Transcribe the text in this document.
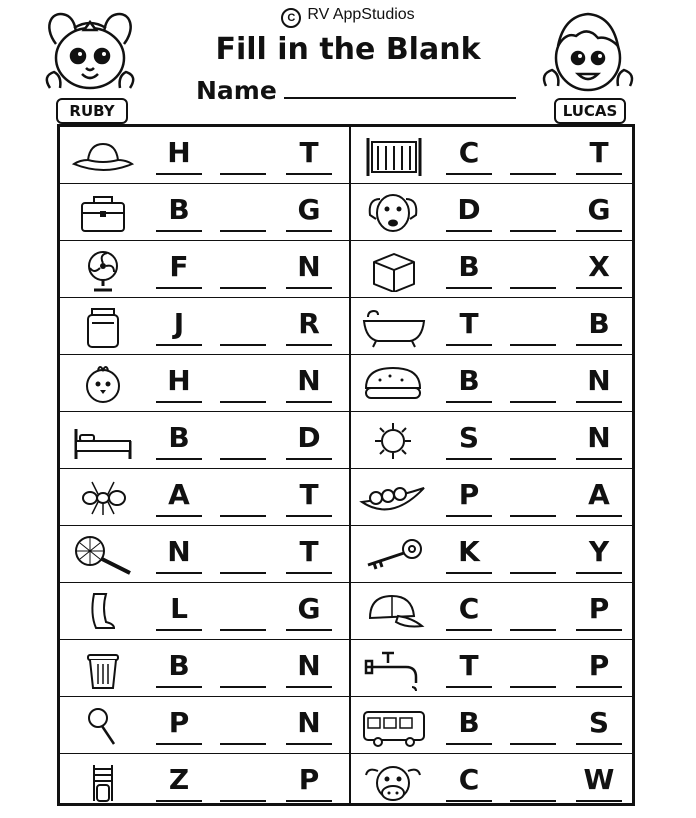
C RV AppStudios
Fill in the Blank
Name
RUBY	LUCAS
H	T	C	T
B	G	D	G
F	N	B	X
J	R	T	B
H	N	B	N
B	D	S	N
A	T	P	A
N	T	K	Y
L	G	C	P
B	N	T	P
P	N	B	S
Z	P	C	W
